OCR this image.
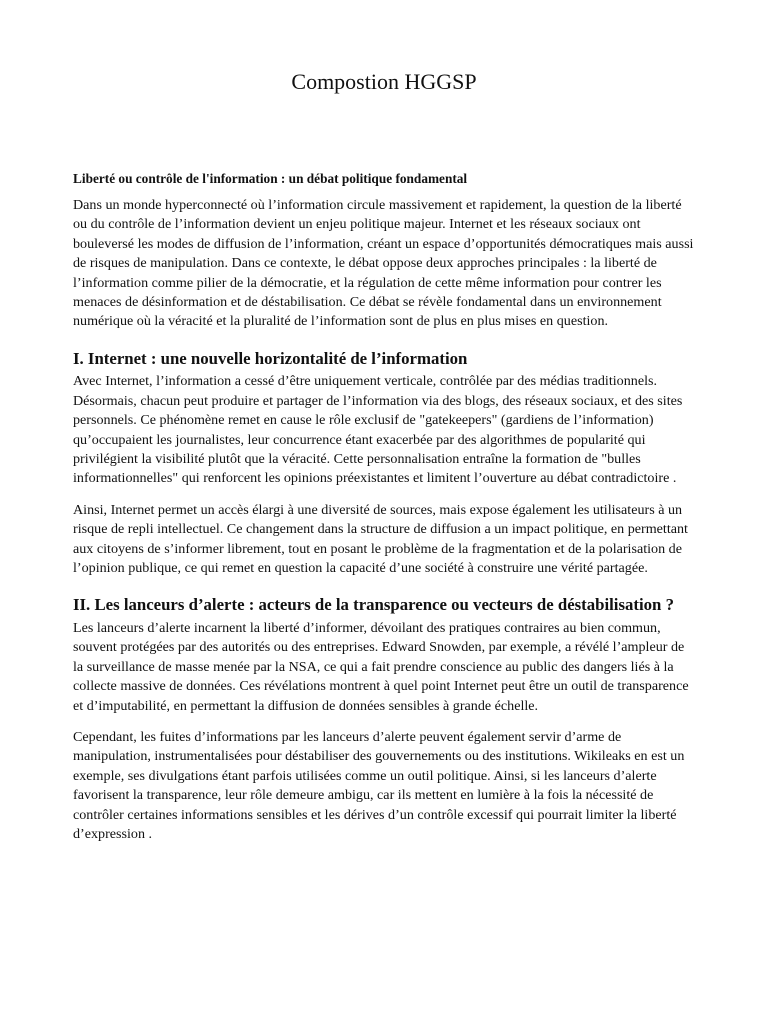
Compostion HGGSP
Liberté ou contrôle de l'information : un débat politique fondamental

Dans un monde hyperconnecté où l’information circule massivement et rapidement, la question de la liberté ou du contrôle de l’information devient un enjeu politique majeur. Internet et les réseaux sociaux ont bouleversé les modes de diffusion de l’information, créant un espace d’opportunités démocratiques mais aussi de risques de manipulation. Dans ce contexte, le débat oppose deux approches principales : la liberté de l’information comme pilier de la démocratie, et la régulation de cette même information pour contrer les menaces de désinformation et de déstabilisation. Ce débat se révèle fondamental dans un environnement numérique où la véracité et la pluralité de l’information sont de plus en plus mises en question.

I. Internet : une nouvelle horizontalité de l’information

Avec Internet, l’information a cessé d’être uniquement verticale, contrôlée par des médias traditionnels. Désormais, chacun peut produire et partager de l’information via des blogs, des réseaux sociaux, et des sites personnels. Ce phénomène remet en cause le rôle exclusif de "gatekeepers" (gardiens de l’information) qu’occupaient les journalistes, leur concurrence étant exacerbée par des algorithmes de popularité qui privilégient la visibilité plutôt que la véracité. Cette personnalisation entraîne la formation de "bulles informationnelles" qui renforcent les opinions préexistantes et limitent l’ouverture au débat contradictoire .

Ainsi, Internet permet un accès élargi à une diversité de sources, mais expose également les utilisateurs à un risque de repli intellectuel. Ce changement dans la structure de diffusion a un impact politique, en permettant aux citoyens de s’informer librement, tout en posant le problème de la fragmentation et de la polarisation de l’opinion publique, ce qui remet en question la capacité d’une société à construire une vérité partagée.

II. Les lanceurs d’alerte : acteurs de la transparence ou vecteurs de déstabilisation ?

Les lanceurs d’alerte incarnent la liberté d’informer, dévoilant des pratiques contraires au bien commun, souvent protégées par des autorités ou des entreprises. Edward Snowden, par exemple, a révélé l’ampleur de la surveillance de masse menée par la NSA, ce qui a fait prendre conscience au public des dangers liés à la collecte massive de données. Ces révélations montrent à quel point Internet peut être un outil de transparence et d’imputabilité, en permettant la diffusion de données sensibles à grande échelle.

Cependant, les fuites d’informations par les lanceurs d’alerte peuvent également servir d’arme de manipulation, instrumentalisées pour déstabiliser des gouvernements ou des institutions. Wikileaks en est un exemple, ses divulgations étant parfois utilisées comme un outil politique. Ainsi, si les lanceurs d’alerte favorisent la transparence, leur rôle demeure ambigu, car ils mettent en lumière à la fois la nécessité de contrôler certaines informations sensibles et les dérives d’un contrôle excessif qui pourrait limiter la liberté d’expression .
